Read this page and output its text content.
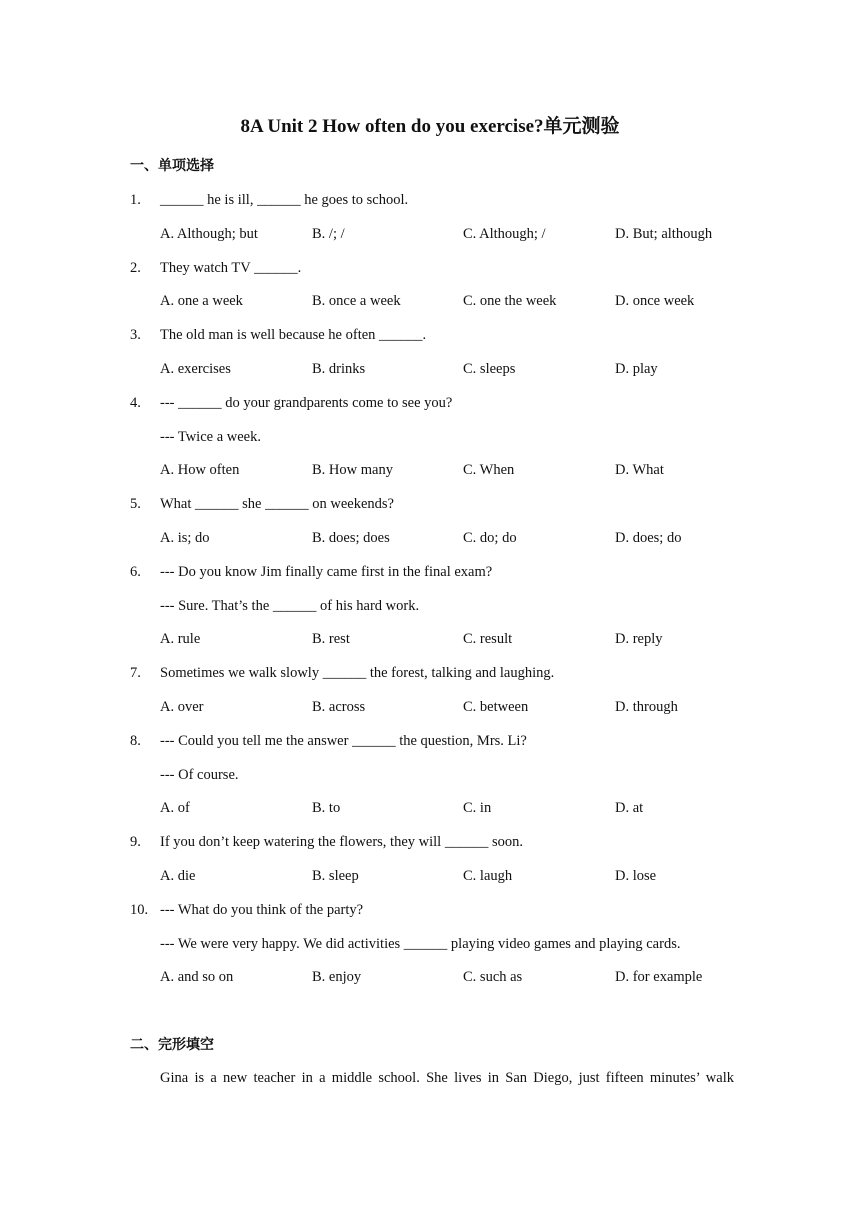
8A Unit 2 How often do you exercise?单元测验
一、单项选择
1. ______ he is ill, ______ he goes to school.
A. Although; but	B. /; /	C. Although; /	D. But; although
2. They watch TV ______.
A. one a week	B. once a week	C. one the week	D. once week
3. The old man is well because he often ______.
A. exercises	B. drinks	C. sleeps	D. play
4. --- ______ do your grandparents come to see you?
--- Twice a week.
A. How often	B. How many	C. When	D. What
5. What ______ she ______ on weekends?
A. is; do	B. does; does	C. do; do	D. does; do
6. --- Do you know Jim finally came first in the final exam?
--- Sure. That’s the ______ of his hard work.
A. rule	B. rest	C. result	D. reply
7. Sometimes we walk slowly ______ the forest, talking and laughing.
A. over	B. across	C. between	D. through
8. --- Could you tell me the answer ______ the question, Mrs. Li?
--- Of course.
A. of	B. to	C. in	D. at
9. If you don’t keep watering the flowers, they will ______ soon.
A. die	B. sleep	C. laugh	D. lose
10. --- What do you think of the party?
--- We were very happy. We did activities ______ playing video games and playing cards.
A. and so on	B. enjoy	C. such as	D. for example
二、完形填空
Gina is a new teacher in a middle school. She lives in San Diego, just fifteen minutes’ walk
